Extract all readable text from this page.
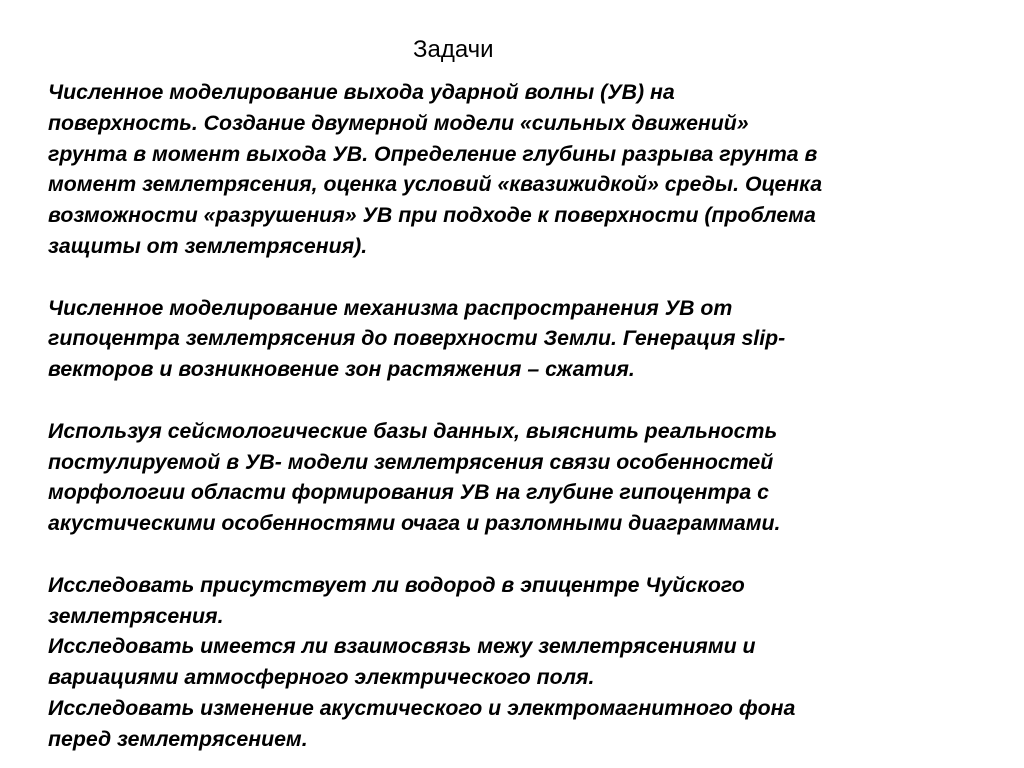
Задачи

Численное моделирование выхода ударной волны (УВ) на
поверхность. Создание двумерной модели «сильных движений»
грунта в момент выхода УВ. Определение глубины разрыва грунта в
момент землетрясения, оценка условий «квазижидкой» среды. Оценка
возможности «разрушения» УВ при подходе к поверхности (проблема
защиты от землетрясения).

Численное моделирование механизма распространения УВ от
гипоцентра землетрясения до поверхности Земли. Генерация slip-
векторов и возникновение зон растяжения – сжатия.

Используя сейсмологические базы данных, выяснить реальность
постулируемой в УВ- модели землетрясения связи особенностей
морфологии области формирования УВ на глубине гипоцентра с
акустическими особенностями очага и разломными диаграммами.

Исследовать присутствует ли водород в эпицентре Чуйского
землетрясения.
Исследовать имеется ли взаимосвязь межу землетрясениями и
вариациями атмосферного электрического поля.
Исследовать изменение акустического и электромагнитного фона
перед землетрясением.
